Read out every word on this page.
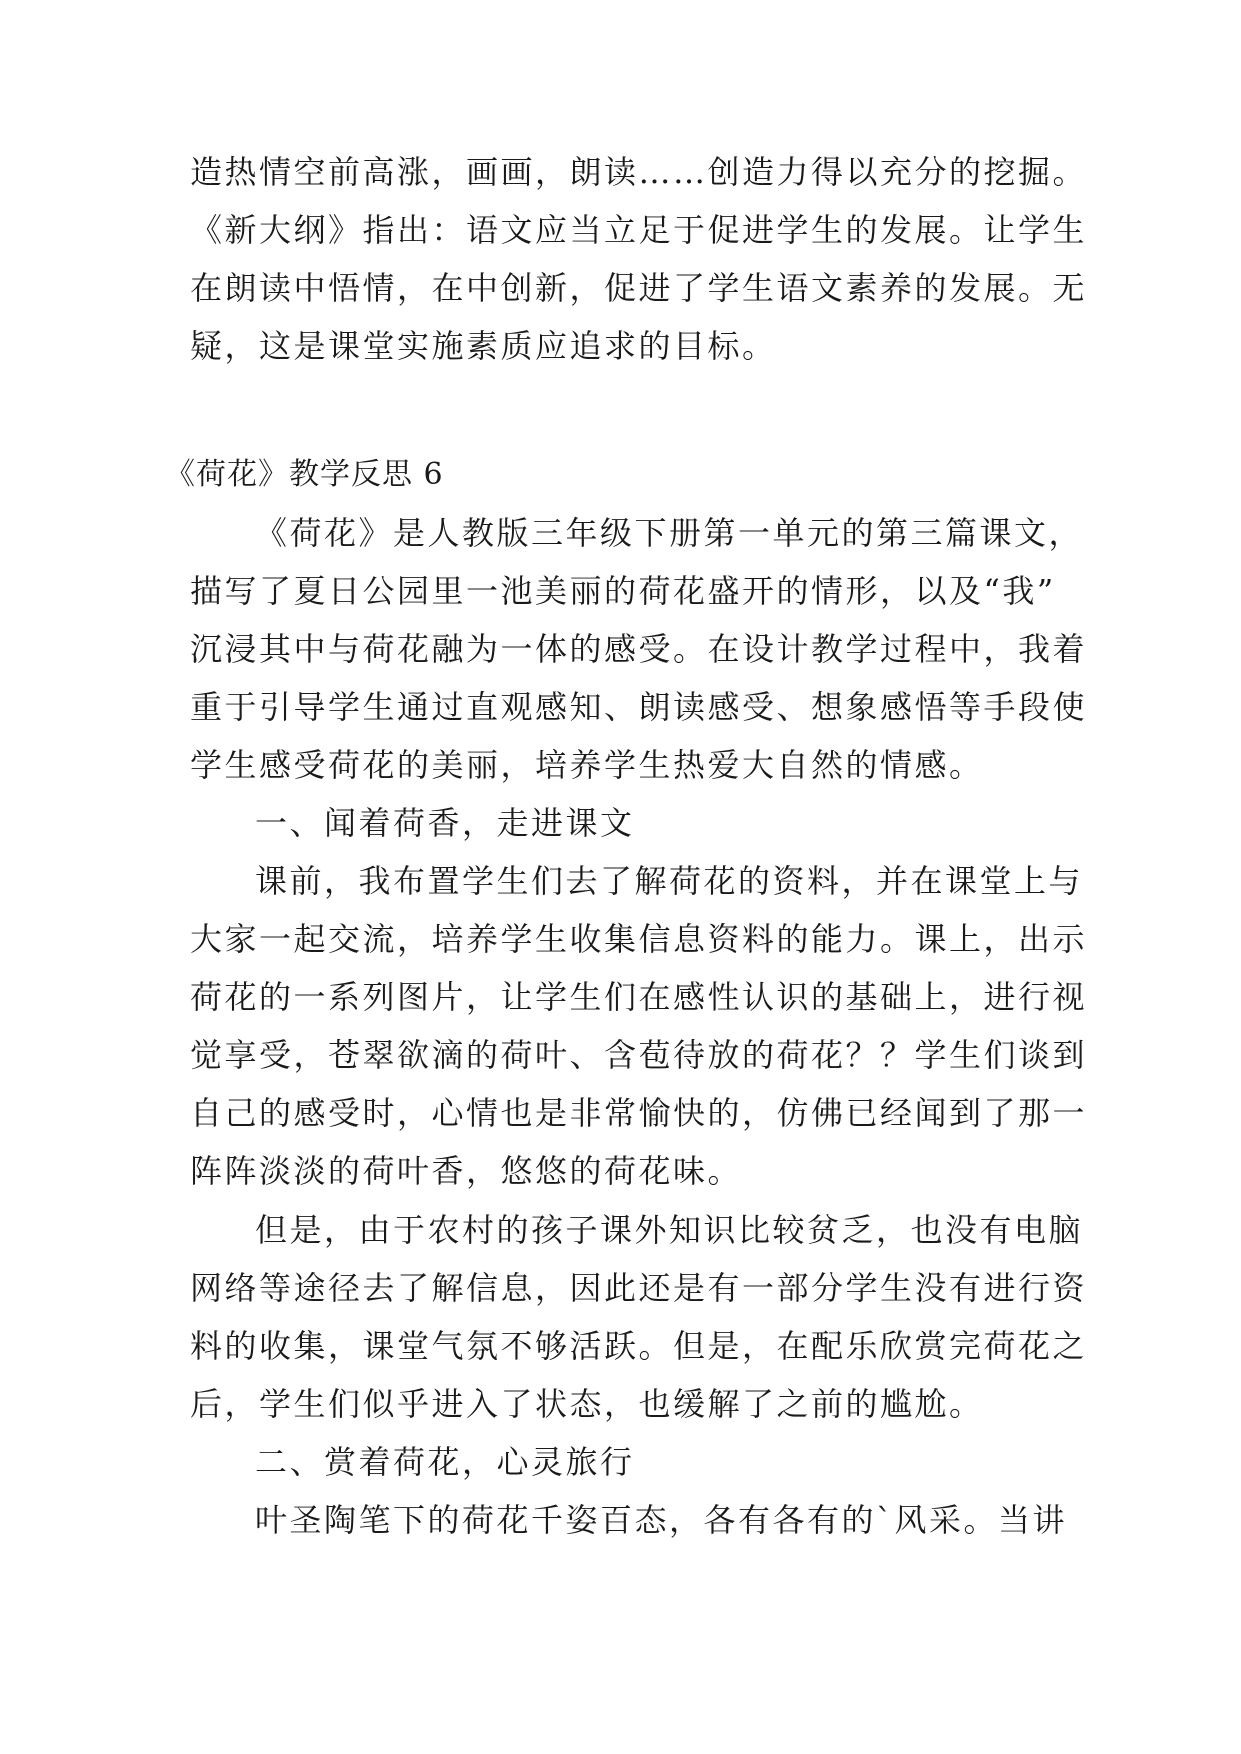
造热情空前高涨，画画，朗读……创造力得以充分的挖掘。
《新大纲》指出：语文应当立足于促进学生的发展。让学生
在朗读中悟情，在中创新，促进了学生语文素养的发展。无
疑，这是课堂实施素质应追求的目标。
《荷花》教学反思 6
《荷花》是人教版三年级下册第一单元的第三篇课文，
描写了夏日公园里一池美丽的荷花盛开的情形，以及“我”
沉浸其中与荷花融为一体的感受。在设计教学过程中，我着
重于引导学生通过直观感知、朗读感受、想象感悟等手段使
学生感受荷花的美丽，培养学生热爱大自然的情感。
一、闻着荷香，走进课文
课前，我布置学生们去了解荷花的资料，并在课堂上与
大家一起交流，培养学生收集信息资料的能力。课上，出示
荷花的一系列图片，让学生们在感性认识的基础上，进行视
觉享受，苍翠欲滴的荷叶、含苞待放的荷花？？学生们谈到
自己的感受时，心情也是非常愉快的，仿佛已经闻到了那一
阵阵淡淡的荷叶香，悠悠的荷花味。
但是，由于农村的孩子课外知识比较贫乏，也没有电脑
网络等途径去了解信息，因此还是有一部分学生没有进行资
料的收集，课堂气氛不够活跃。但是，在配乐欣赏完荷花之
后，学生们似乎进入了状态，也缓解了之前的尴尬。
二、赏着荷花，心灵旅行
叶圣陶笔下的荷花千姿百态，各有各有的`风采。当讲
